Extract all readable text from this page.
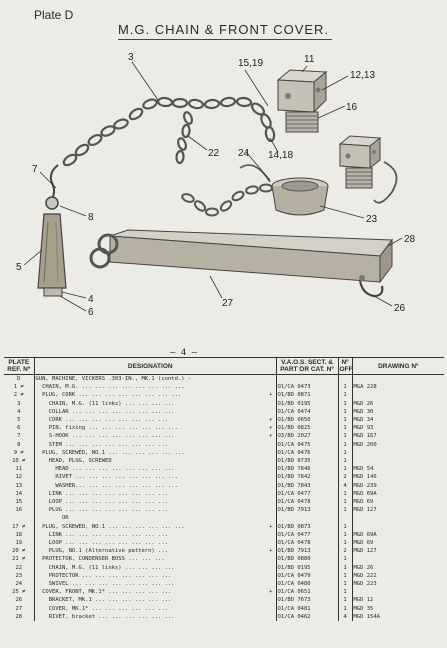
Plate D
M.G. CHAIN & FRONT COVER.
3	11
15,19
12,13
16
22	14,18
24
7
8	23
28
5
4
6
27	26
— 4 —
PLATE REF. Nº	DESIGNATION		V.A.O.S. SECT. & PART OR CAT. Nº	Nº OFF	DRAWING Nº
D	GUN, MACHINE, VICKERS .303-IN., MK.1 (contd.) -				
1 ≠	CHAIN, M.G. ... ... ... ... ... ... ... ...		O1/CA 0473	1	MGA 228
2 ≠	PLUG, CORK ... ... ... ... ... ... ... ...	+	O1/BD 0871	1	
3	CHAIN, M.G. (11 links) ... ... ... ...		O1/BD 0195	1	MGD 26
4	COLLAR ... ... ... ... ... ... ... ...		O1/CA 0474	1	MGD 30
5	CORK ... ... ... ... ... ... ... ...	+	O1/BD 0650	1	MGD 34
6	PIN, fixing ... ... ... ... ... ... ...	+	O1/BD 0825	1	MGD 93
7	S-HOOK ... ... ... ... ... ... ... ...	+	O3/BD 2027	1	MGD 167
8	STEM ... ... ... ... ... ... ... ...		O1/CA 0475	1	MGD 200
9 ≠	PLUG, SCREWED, NO.1 ... ... ... ... ... ...		O1/CA 0476	1	
10 ≠	HEAD, PLUG, SCREWED		O1/BD 0735	1	
11	HEAD ... ... ... ... ... ... ... ...		O1/BD 7846	1	MGD 54
12	RIVET ... ... ... ... ... ... ... ...		O1/BD 7842	2	MGD 146
13	WASHER... ... ... ... ... ... ... ...		O1/BD 7843	4	MGD 239
14	LINK ... ... ... ... ... ... ... ...		O1/CA 0477	1	MGD 69A
15	LOOP ... ... ... ... ... ... ... ...		O1/CA 0478	1	MGD 69
16	PLUG ... ... ... ... ... ... ... ...		O1/BD 7913	1	MGD 127
	OR				
17 ≠	PLUG, SCREWED, NO.1 ... ... ... ... ... ...	+	O1/BD 0873	1	
18	LINK ... ... ... ... ... ... ... ...		O1/CA 0477	1	MGD 69A
19	LOOP ... ... ... ... ... ... ... ...		O1/CA 0478	1	MGD 69
20 ≠	PLUG, NO.1 (Alternative pattern) ...	+	O1/BD 7913	2	MGD 127
21 ≠	PROTECTOR, CONDENSER BOSS ... ... ...		O1/BD 0880	1	
22	CHAIN, M.G. (11 links) ... ... ... ...		O1/BD 0195	1	MGD 26
23	PROTECTOR ... ... ... ... ... ... ...		O1/CA 0479	1	MGD 222
24	SWIVEL ... ... ... ... ... ... ... ...		O1/CA 0480	1	MGD 223
25 ≠	COVER, FRONT, MK.1* ... ... ... ... ...	+	O1/CA 0651	1	
26	BRACKET, MK.1 ... ... ... ... ... ...		O1/BD 7673	1	MGD 12
27	COVER, MK.1* ... ... ... ... ... ...		O1/CA 0481	1	MGD 35
28	RIVET, bracket ... ... ... ... ... ...		O1/CA 0462	4	MGD 154A
